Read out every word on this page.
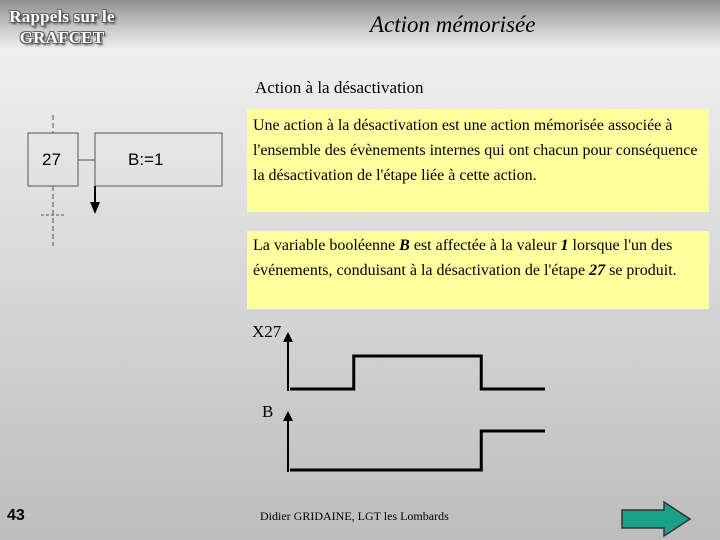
Rappels sur le GRAFCET
Action mémorisée
Action à la désactivation
Une action à la désactivation est une action mémorisée associée à l'ensemble des évènements internes qui ont chacun pour conséquence la désactivation de l'étape liée à cette action.
La variable booléenne B est affectée à la valeur 1 lorsque l'un des événements, conduisant à la désactivation de l'étape 27 se produit.
27	B:=1
X27
B
43	Didier GRIDAINE, LGT les Lombards
